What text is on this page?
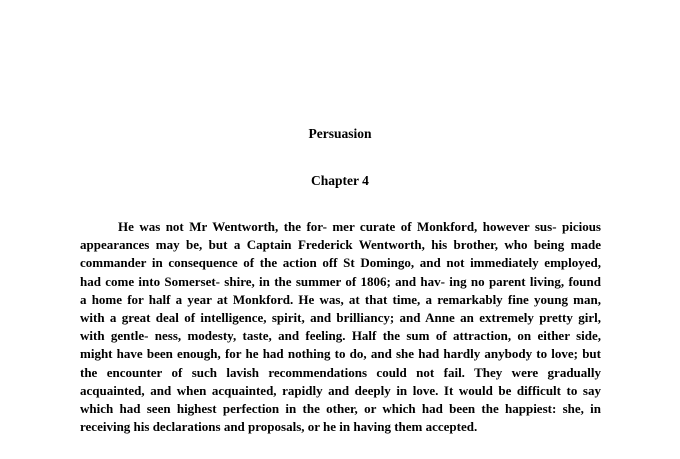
Persuasion
Chapter 4
He was not Mr Wentworth, the for- mer curate of Monkford, however sus- picious
appearances may be, but a Captain Frederick Wentworth, his brother, who being made
commander in consequence of the action off St Domingo, and not immediately employed,
had come into Somerset- shire, in the summer of 1806; and hav- ing no parent living, found
a home for half a year at Monkford. He was, at that time, a remarkably fine young man,
with a great deal of intelligence, spirit, and brilliancy; and Anne an extremely pretty girl,
with gentle- ness, modesty, taste, and feeling. Half the sum of attraction, on either side,
might have been enough, for he had nothing to do, and she had hardly anybody to love; but
the encounter of such lavish recommendations could not fail. They were gradually
acquainted, and when acquainted, rapidly and deeply in love. It would be difficult to say
which had seen highest perfection in the other, or which had been the happiest: she, in
receiving his declarations and proposals, or he in having them accepted.
